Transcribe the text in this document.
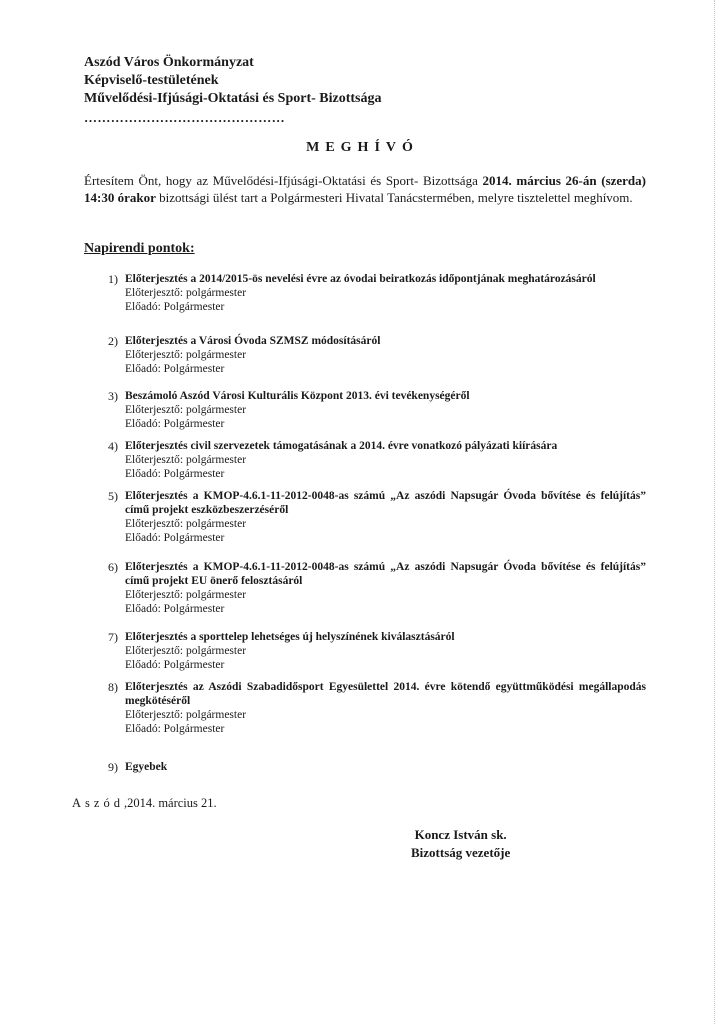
Aszód Város Önkormányzat
Képviselő-testületének
Művelődési-Ifjúsági-Oktatási és Sport- Bizottsága
………………………………………
MEGHÍVÓ
Értesítem Önt, hogy az Művelődési-Ifjúsági-Oktatási és Sport- Bizottsága 2014. március 26-án (szerda) 14:30 órakor bizottsági ülést tart a Polgármesteri Hivatal Tanácstermében, melyre tisztelettel meghívom.
Napirendi pontok:
1) Előterjesztés a 2014/2015-ös nevelési évre az óvodai beiratkozás időpontjának meghatározásáról
Előterjesztő: polgármester
Előadó: Polgármester
2) Előterjesztés a Városi Óvoda SZMSZ módosításáról
Előterjesztő: polgármester
Előadó: Polgármester
3) Beszámoló Aszód Városi Kulturális Központ 2013. évi tevékenységéről
Előterjesztő: polgármester
Előadó: Polgármester
4) Előterjesztés civil szervezetek támogatásának a 2014. évre vonatkozó pályázati kiírására
Előterjesztő: polgármester
Előadó: Polgármester
5) Előterjesztés a KMOP-4.6.1-11-2012-0048-as számú „Az aszódi Napsugár Óvoda bővítése és felújítás” című projekt eszközbeszerzéséről
Előterjesztő: polgármester
Előadó: Polgármester
6) Előterjesztés a KMOP-4.6.1-11-2012-0048-as számú „Az aszódi Napsugár Óvoda bővítése és felújítás” című projekt EU önerő felosztásáról
Előterjesztő: polgármester
Előadó: Polgármester
7) Előterjesztés a sporttelep lehetséges új helyszínének kiválasztásáról
Előterjesztő: polgármester
Előadó: Polgármester
8) Előterjesztés az Aszódi Szabadidősport Egyesülettel 2014. évre kötendő együttműködési megállapodás megkötéséről
Előterjesztő: polgármester
Előadó: Polgármester
9) Egyebek
Aszód,2014. március 21.
Koncz István sk.
Bizottság vezetője
